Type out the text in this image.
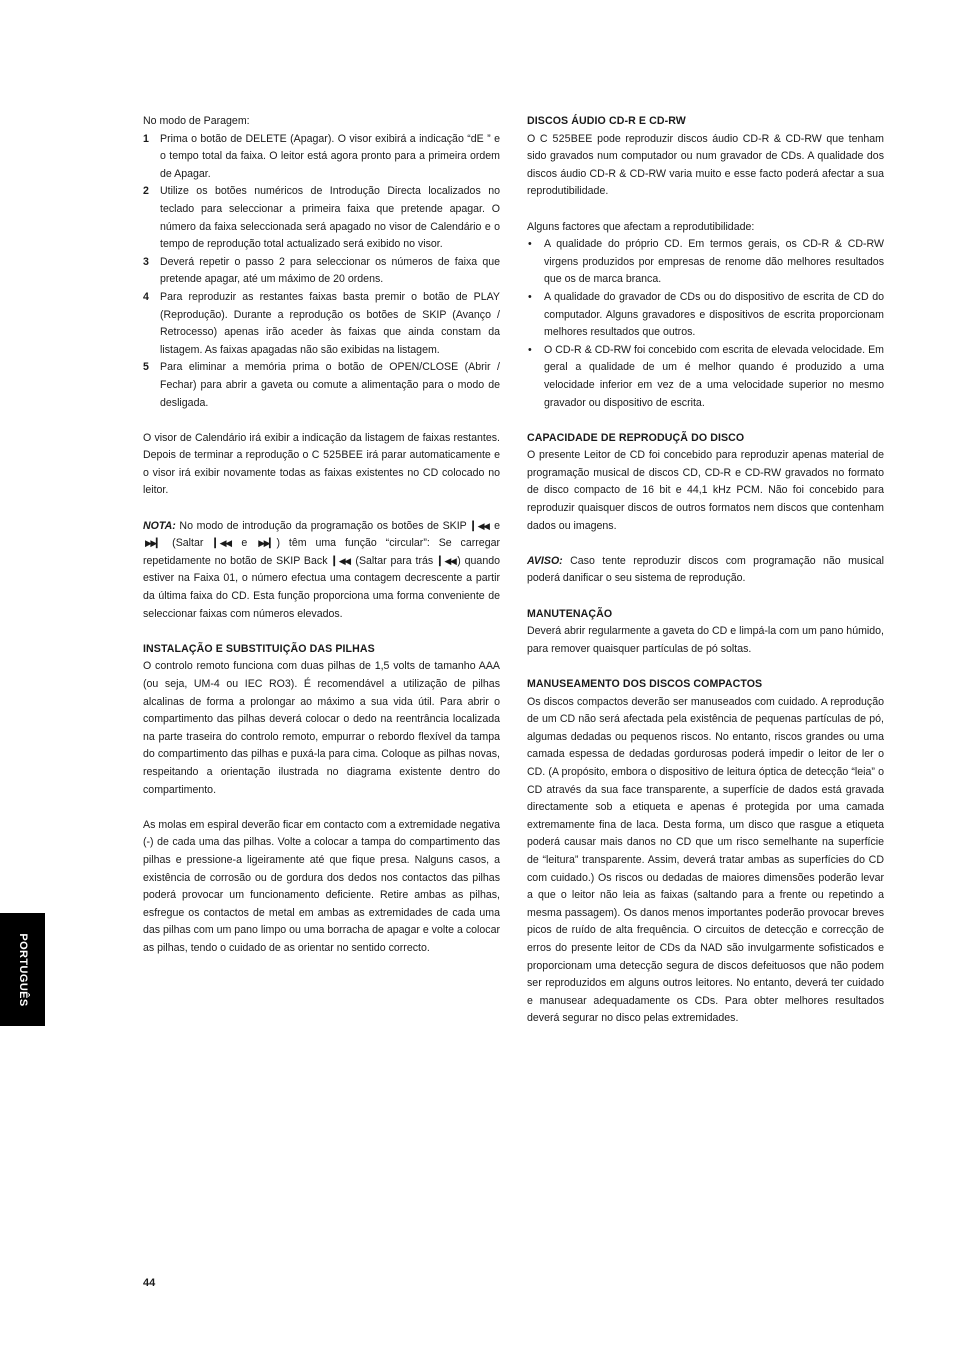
No modo de Paragem:

1 Prima o botão de DELETE (Apagar). O visor exibirá a indicação “dE ” e o tempo total da faixa. O leitor está agora pronto para a primeira ordem de Apagar.
2 Utilize os botões numéricos de Introdução Directa localizados no teclado para seleccionar a primeira faixa que pretende apagar. O número da faixa seleccionada será apagado no visor de Calendário e o tempo de reprodução total actualizado será exibido no visor.
3 Deverá repetir o passo 2 para seleccionar os números de faixa que pretende apagar, até um máximo de 20 ordens.
4 Para reproduzir as restantes faixas basta premir o botão de PLAY (Reprodução). Durante a reprodução os botões de SKIP (Avanço / Retrocesso) apenas irão aceder às faixas que ainda constam da listagem. As faixas apagadas não são exibidas na listagem.
5 Para eliminar a memória prima o botão de OPEN/CLOSE (Abrir / Fechar) para abrir a gaveta ou comute a alimentação para o modo de desligada.

O visor de Calendário irá exibir a indicação da listagem de faixas restantes. Depois de terminar a reprodução o C 525BEE irá parar automaticamente e o visor irá exibir novamente todas as faixas existentes no CD colocado no leitor.

NOTA: No modo de introdução da programação os botões de SKIP ▎◀◀ e ▶▶▎ (Saltar ▎◀◀ e ▶▶▎ ) têm uma função “circular”: Se carregar repetidamente no botão de SKIP Back ▎◀◀ (Saltar para trás ▎◀◀ ) quando estiver na Faixa 01, o número efectua uma contagem decrescente a partir da última faixa do CD. Esta função proporciona uma forma conveniente de seleccionar faixas com números elevados.

INSTALAÇÃO E SUBSTITUIÇÃO DAS PILHAS

O controlo remoto funciona com duas pilhas de 1,5 volts de tamanho AAA (ou seja, UM-4 ou IEC RO3). É recomendável a utilização de pilhas alcalinas de forma a prolongar ao máximo a sua vida útil. Para abrir o compartimento das pilhas deverá colocar o dedo na reentrância localizada na parte traseira do controlo remoto, empurrar o rebordo flexível da tampa do compartimento das pilhas e puxá-la para cima. Coloque as pilhas novas, respeitando a orientação ilustrada no diagrama existente dentro do compartimento.

As molas em espiral deverão ficar em contacto com a extremidade negativa (-) de cada uma das pilhas. Volte a colocar a tampa do compartimento das pilhas e pressione-a ligeiramente até que fique presa. Nalguns casos, a existência de corrosão ou de gordura dos dedos nos contactos das pilhas poderá provocar um funcionamento deficiente. Retire ambas as pilhas, esfregue os contactos de metal em ambas as extremidades de cada uma das pilhas com um pano limpo ou uma borracha de apagar e volte a colocar as pilhas, tendo o cuidado de as orientar no sentido correcto.

DISCOS ÁUDIO CD-R E CD-RW

O C 525BEE pode reproduzir discos áudio CD-R & CD-RW que tenham sido gravados num computador ou num gravador de CDs. A qualidade dos discos áudio CD-R & CD-RW varia muito e esse facto poderá afectar a sua reprodutibilidade.

Alguns factores que afectam a reprodutibilidade:

• A qualidade do próprio CD. Em termos gerais, os CD-R & CD-RW virgens produzidos por empresas de renome dão melhores resultados que os de marca branca.
• A qualidade do gravador de CDs ou do dispositivo de escrita de CD do computador. Alguns gravadores e dispositivos de escrita proporcionam melhores resultados que outros.
• O CD-R & CD-RW foi concebido com escrita de elevada velocidade. Em geral a qualidade de um é melhor quando é produzido a uma velocidade inferior em vez de a uma velocidade superior no mesmo gravador ou dispositivo de escrita.
CAPACIDADE DE REPRODUÇÃ DO DISCO

O presente Leitor de CD foi concebido para reproduzir apenas material de programação musical de discos CD, CD-R e CD-RW gravados no formato de disco compacto de 16 bit e 44,1 kHz PCM. Não foi concebido para reproduzir quaisquer discos de outros formatos nem discos que contenham dados ou imagens.

AVISO: Caso tente reproduzir discos com programação não musical poderá danificar o seu sistema de reprodução.

MANUTENAÇÃO

Deverá abrir regularmente a gaveta do CD e limpá-la com um pano húmido, para remover quaisquer partículas de pó soltas.

MANUSEAMENTO DOS DISCOS COMPACTOS

Os discos compactos deverão ser manuseados com cuidado. A reprodução de um CD não será afectada pela existência de pequenas partículas de pó, algumas dedadas ou pequenos riscos. No entanto, riscos grandes ou uma camada espessa de dedadas gordurosas poderá impedir o leitor de ler o CD. (A propósito, embora o dispositivo de leitura óptica de detecção “leia” o CD através da sua face transparente, a superfície de dados está gravada directamente sob a etiqueta e apenas é protegida por uma camada extremamente fina de laca. Desta forma, um disco que rasgue a etiqueta poderá causar mais danos no CD que um risco semelhante na superfície de “leitura” transparente. Assim, deverá tratar ambas as superfícies do CD com cuidado.) Os riscos ou dedadas de maiores dimensões poderão levar a que o leitor não leia as faixas (saltando para a frente ou repetindo a mesma passagem). Os danos menos importantes poderão provocar breves picos de ruído de alta frequência. O circuitos de detecção e correcção de erros do presente leitor de CDs da NAD são invulgarmente sofisticados e proporcionam uma detecção segura de discos defeituosos que não podem ser reproduzidos em alguns outros leitores. No entanto, deverá ter cuidado e manusear adequadamente os CDs. Para obter melhores resultados deverá segurar no disco pelas extremidades.

PORTUGUÊS
44
